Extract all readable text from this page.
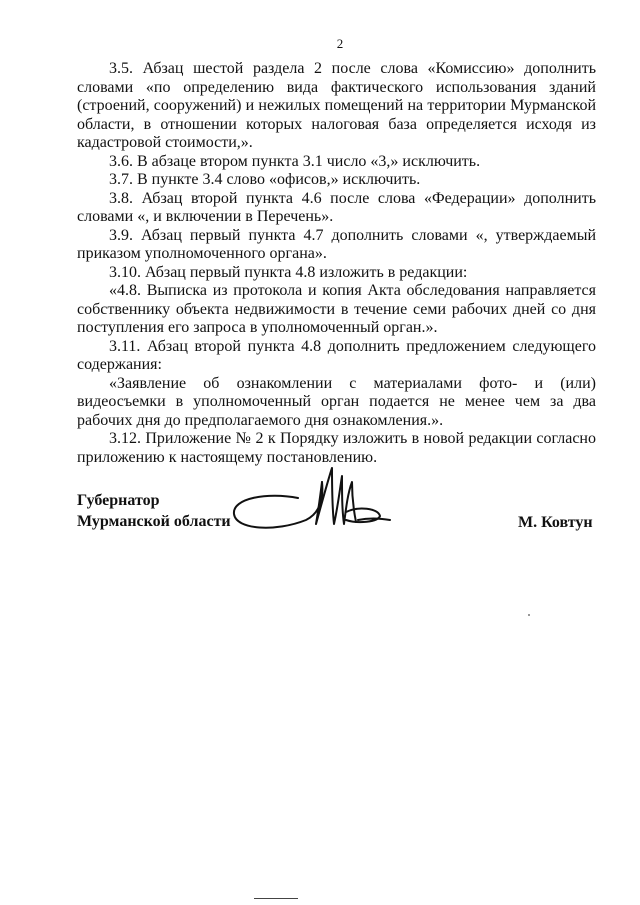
2

3.5. Абзац шестой раздела 2 после слова «Комиссию» дополнить словами «по определению вида фактического использования зданий (строений, сооружений) и нежилых помещений на территории Мурманской области, в отношении которых налоговая база определяется исходя из кадастровой стоимости,».

3.6. В абзаце втором пункта 3.1 число «3,» исключить.

3.7. В пункте 3.4 слово «офисов,» исключить.

3.8. Абзац второй пункта 4.6 после слова «Федерации» дополнить словами «, и включении в Перечень».

3.9. Абзац первый пункта 4.7 дополнить словами «, утверждаемый приказом уполномоченного органа».

3.10. Абзац первый пункта 4.8 изложить в редакции:

«4.8. Выписка из протокола и копия Акта обследования направляется собственнику объекта недвижимости в течение семи рабочих дней со дня поступления его запроса в уполномоченный орган.».

3.11. Абзац второй пункта 4.8 дополнить предложением следующего содержания:

«Заявление об ознакомлении с материалами фото- и (или) видеосъемки в уполномоченный орган подается не менее чем за два рабочих дня до предполагаемого дня ознакомления.».

3.12. Приложение № 2 к Порядку изложить в новой редакции согласно приложению к настоящему постановлению.

Губернатор
Мурманской области	М. Ковтун
